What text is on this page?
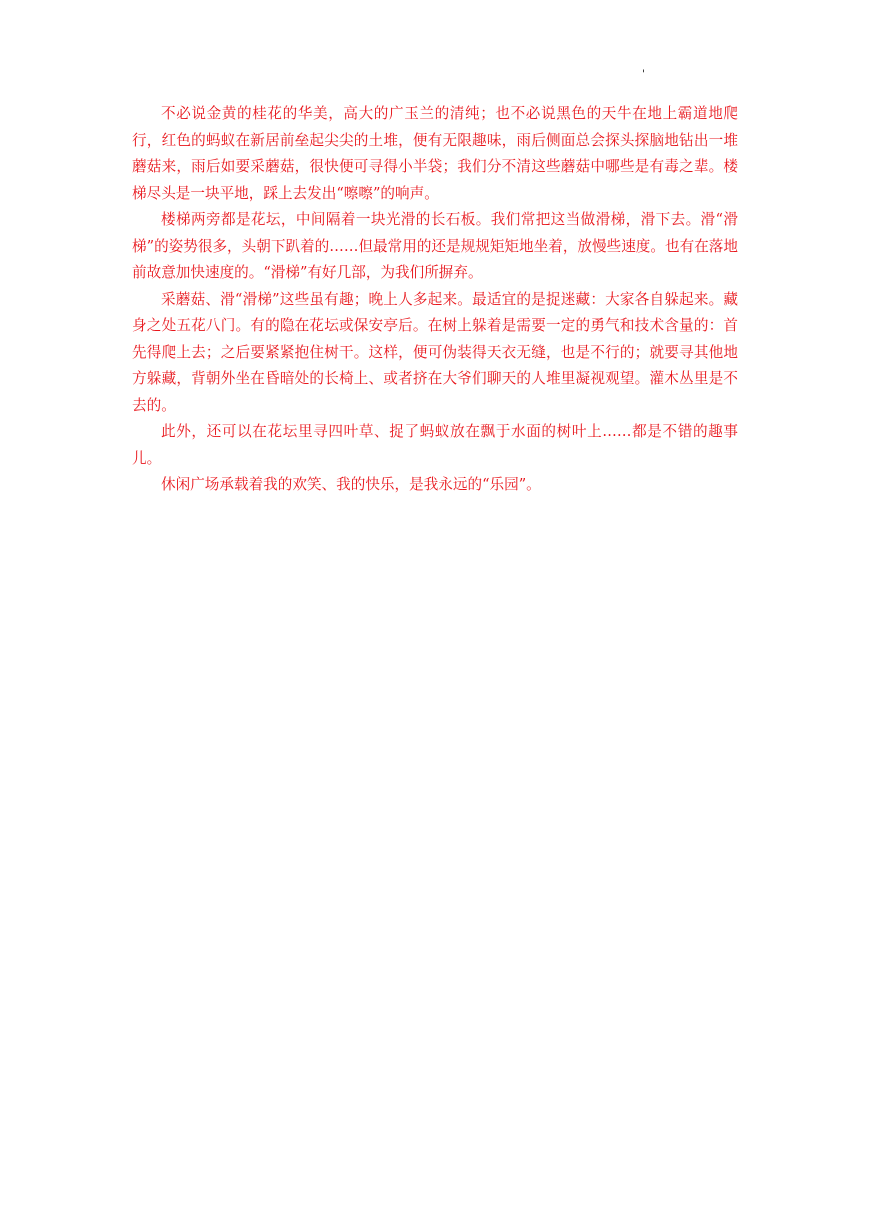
'

不必说金黄的桂花的华美，高大的广玉兰的清纯；也不必说黑色的天牛在地上霸道地爬行，红色的蚂蚁在新居前垒起尖尖的土堆，便有无限趣味，雨后侧面总会探头探脑地钻出一堆蘑菇来，雨后如要采蘑菇，很快便可寻得小半袋；我们分不清这些蘑菇中哪些是有毒之辈。楼梯尽头是一块平地，踩上去发出“嚓嚓”的响声。

楼梯两旁都是花坛，中间隔着一块光滑的长石板。我们常把这当做滑梯，滑下去。滑“滑梯”的姿势很多，头朝下趴着的……但最常用的还是规规矩矩地坐着，放慢些速度。也有在落地前故意加快速度的。“滑梯”有好几部，为我们所摒弃。

采蘑菇、滑“滑梯”这些虽有趣；晚上人多起来。最适宜的是捉迷藏：大家各自躲起来。藏身之处五花八门。有的隐在花坛或保安亭后。在树上躲着是需要一定的勇气和技术含量的：首先得爬上去；之后要紧紧抱住树干。这样，便可伪装得天衣无缝，也是不行的；就要寻其他地方躲藏，背朝外坐在昏暗处的长椅上、或者挤在大爷们聊天的人堆里凝视观望。灌木丛里是不去的。

此外，还可以在花坛里寻四叶草、捉了蚂蚁放在飘于水面的树叶上……都是不错的趣事儿。

休闲广场承载着我的欢笑、我的快乐，是我永远的“乐园”。
